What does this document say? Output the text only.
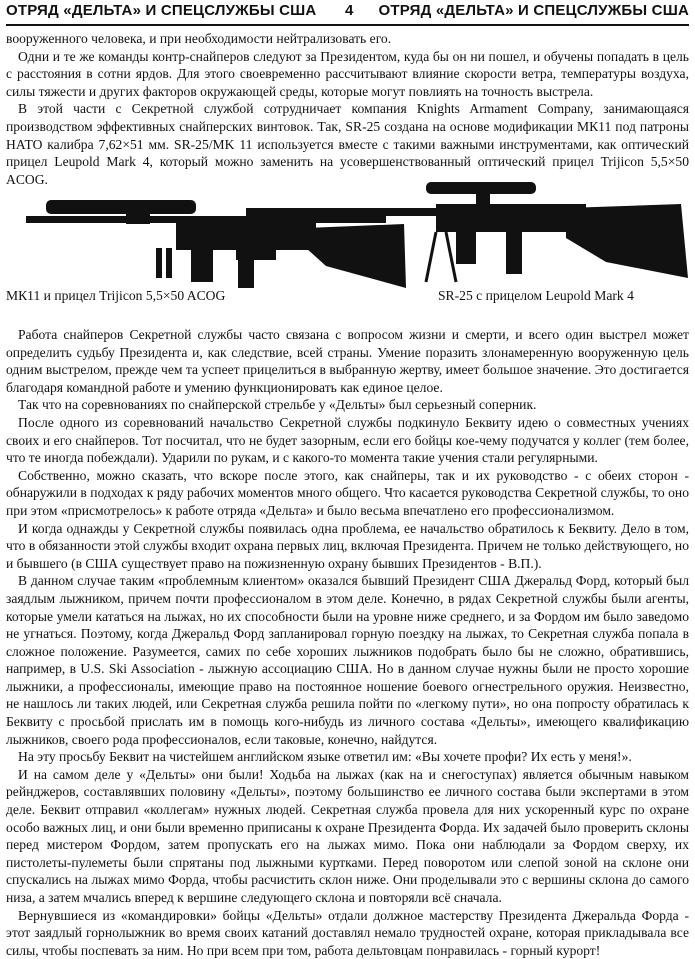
ОТРЯД «ДЕЛЬТА» И СПЕЦСЛУЖБЫ США 4 ОТРЯД «ДЕЛЬТА» И СПЕЦСЛУЖБЫ США

вооруженного человека, и при необходимости нейтрализовать его.

Одни и те же команды контр-снайперов следуют за Президентом, куда бы он ни пошел, и обучены попадать в цель с расстояния в сотни ярдов. Для этого своевременно рассчитывают влияние скорости ветра, температуры воздуха, силы тяжести и других факторов окружающей среды, которые могут повлиять на точность выстрела.

В этой части с Секретной службой сотрудничает компания Knights Armament Company, занимающаяся производством эффективных снайперских винтовок. Так, SR-25 создана на основе модификации МК11 под патроны НАТО калибра 7,62×51 мм. SR-25/MK 11 используется вместе с такими важными инструментами, как оптический прицел Leupold Mark 4, который можно заменить на усовершенствованный оптический прицел Trijicon 5,5×50 ACOG.

МК11 и прицел Trijicon 5,5×50 ACOG	SR-25 с прицелом Leupold Mark 4

Работа снайперов Секретной службы часто связана с вопросом жизни и смерти, и всего один выстрел может определить судьбу Президента и, как следствие, всей страны. Умение поразить злонамеренную вооруженную цель одним выстрелом, прежде чем та успеет прицелиться в выбранную жертву, имеет большое значение. Это достигается благодаря командной работе и умению функционировать как единое целое.

Так что на соревнованиях по снайперской стрельбе у «Дельты» был серьезный соперник.

После одного из соревнований начальство Секретной службы подкинуло Беквиту идею о совместных учениях своих и его снайперов. Тот посчитал, что не будет зазорным, если его бойцы кое-чему подучатся у коллег (тем более, что те иногда побеждали). Ударили по рукам, и с какого-то момента такие учения стали регулярными.

Собственно, можно сказать, что вскоре после этого, как снайперы, так и их руководство - с обеих сторон - обнаружили в подходах к ряду рабочих моментов много общего. Что касается руководства Секретной службы, то оно при этом «присмотрелось» к работе отряда «Дельта» и было весьма впечатлено его профессионализмом.

И когда однажды у Секретной службы появилась одна проблема, ее начальство обратилось к Беквиту. Дело в том, что в обязанности этой службы входит охрана первых лиц, включая Президента. Причем не только действующего, но и бывшего (в США существует право на пожизненную охрану бывших Президентов - В.П.).

В данном случае таким «проблемным клиентом» оказался бывший Президент США Джеральд Форд, который был заядлым лыжником, причем почти профессионалом в этом деле. Конечно, в рядах Секретной службы были агенты, которые умели кататься на лыжах, но их способности были на уровне ниже среднего, и за Фордом им было заведомо не угнаться. Поэтому, когда Джеральд Форд запланировал горную поездку на лыжах, то Секретная служба попала в сложное положение. Разумеется, самих по себе хороших лыжников подобрать было бы не сложно, обратившись, например, в U.S. Ski Association - лыжную ассоциацию США. Но в данном случае нужны были не просто хорошие лыжники, а профессионалы, имеющие право на постоянное ношение боевого огнестрельного оружия. Неизвестно, не нашлось ли таких людей, или Секретная служба решила пойти по «легкому пути», но она попросту обратилась к Беквиту с просьбой прислать им в помощь кого-нибудь из личного состава «Дельты», имеющего квалификацию лыжников, своего рода профессионалов, если таковые, конечно, найдутся.

На эту просьбу Беквит на чистейшем английском языке ответил им: «Вы хочете профи? Их есть у меня!».

И на самом деле у «Дельты» они были! Ходьба на лыжах (как на и снегоступах) является обычным навыком рейнджеров, составлявших половину «Дельты», поэтому большинство ее личного состава были экспертами в этом деле. Беквит отправил «коллегам» нужных людей. Секретная служба провела для них ускоренный курс по охране особо важных лиц, и они были временно приписаны к охране Президента Форда. Их задачей было проверить склоны перед мистером Фордом, затем пропускать его на лыжах мимо. Пока они наблюдали за Фордом сверху, их пистолеты-пулеметы были спрятаны под лыжными куртками. Перед поворотом или слепой зоной на склоне они спускались на лыжах мимо Форда, чтобы расчистить склон ниже. Они проделывали это с вершины склона до самого низа, а затем мчались вперед к вершине следующего склона и повторяли всё сначала.

Вернувшиеся из «командировки» бойцы «Дельты» отдали должное мастерству Президента Джеральда Форда - этот заядлый горнолыжник во время своих катаний доставлял немало трудностей охране, которая прикладывала все силы, чтобы поспевать за ним. Но при всем при том, работа дельтовцам понравилась - горный курорт!
